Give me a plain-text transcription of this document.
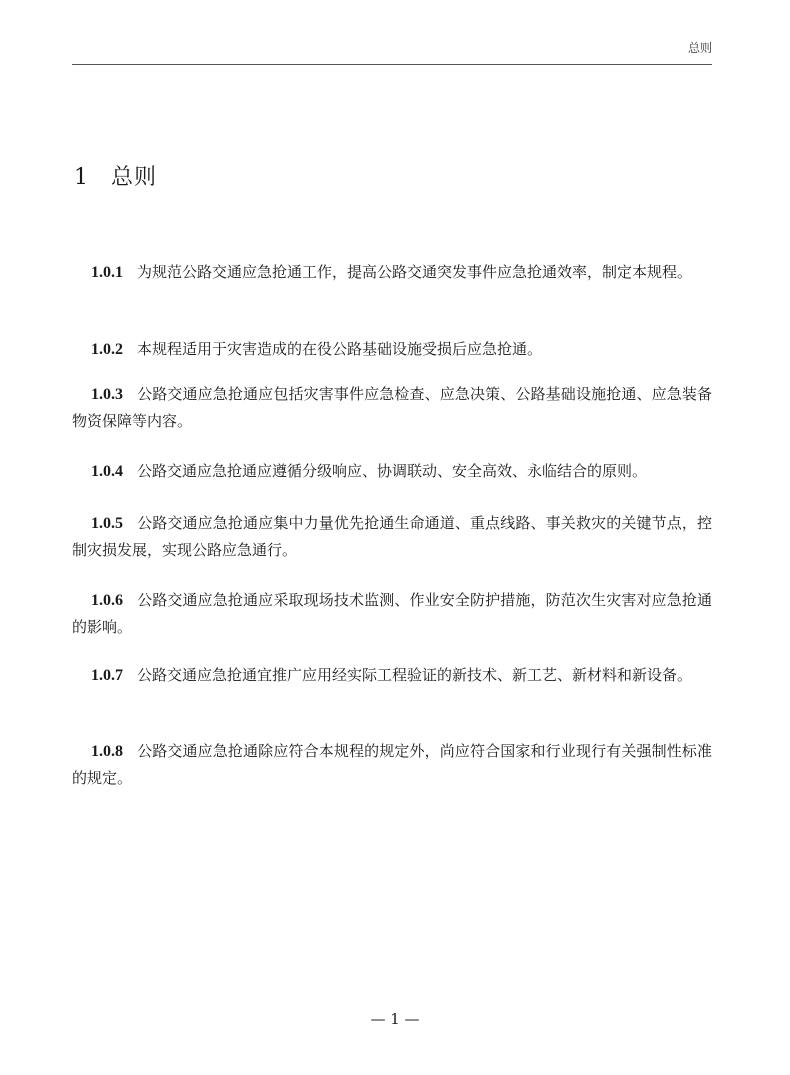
总则
1 总则

1.0.1 为规范公路交通应急抢通工作，提高公路交通突发事件应急抢通效率，制定本规程。

1.0.2 本规程适用于灾害造成的在役公路基础设施受损后应急抢通。

1.0.3 公路交通应急抢通应包括灾害事件应急检查、应急决策、公路基础设施抢通、应急装备物资保障等内容。

1.0.4 公路交通应急抢通应遵循分级响应、协调联动、安全高效、永临结合的原则。

1.0.5 公路交通应急抢通应集中力量优先抢通生命通道、重点线路、事关救灾的关键节点，控制灾损发展，实现公路应急通行。

1.0.6 公路交通应急抢通应采取现场技术监测、作业安全防护措施，防范次生灾害对应急抢通的影响。

1.0.7 公路交通应急抢通宜推广应用经实际工程验证的新技术、新工艺、新材料和新设备。

1.0.8 公路交通应急抢通除应符合本规程的规定外，尚应符合国家和行业现行有关强制性标准的规定。

— 1 —
